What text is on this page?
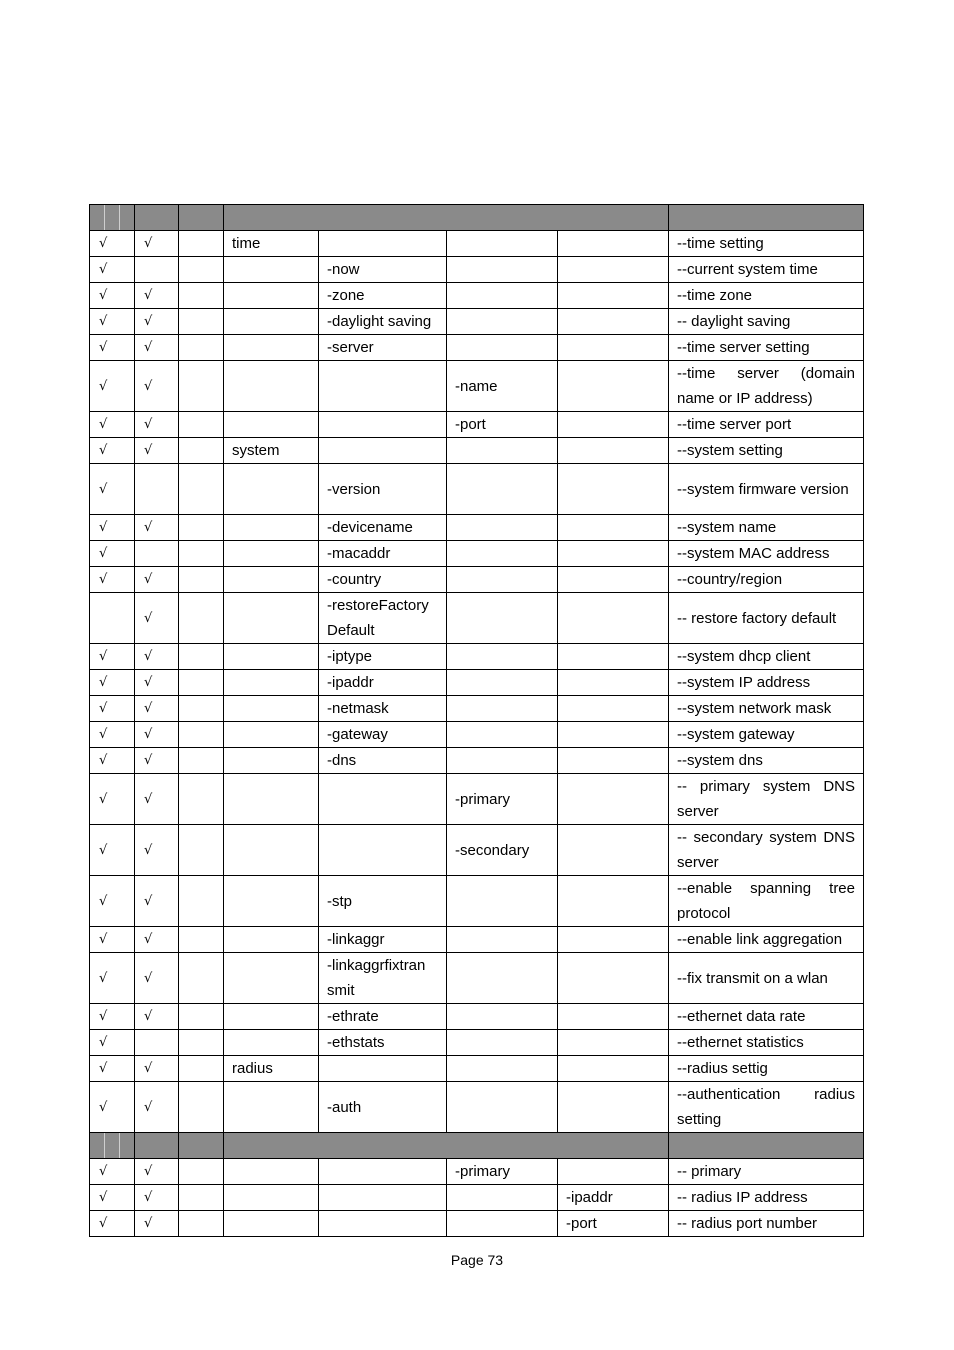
√	√		time				--time setting
√				-now			--current system time
√	√			-zone			--time zone
√	√			-daylight saving			-- daylight saving
√	√			-server			--time server setting
√	√				-name		--time server (domain name or IP address)
√	√				-port		--time server port
√	√		system				--system setting
√				-version			--system firmware version
√	√			-devicename			--system name
√				-macaddr			--system MAC address
√	√			-country			--country/region
	√			-restoreFactory Default			-- restore factory default
√	√			-iptype			--system dhcp client
√	√			-ipaddr			--system IP address
√	√			-netmask			--system network mask
√	√			-gateway			--system gateway
√	√			-dns			--system dns
√	√				-primary		-- primary system DNS server
√	√				-secondary		-- secondary system DNS server
√	√			-stp			--enable spanning tree protocol
√	√			-linkaggr			--enable link aggregation
√	√			-linkaggrfixtran smit			--fix transmit on a wlan
√	√			-ethrate			--ethernet data rate
√				-ethstats			--ethernet statistics
√	√		radius				--radius settig
√	√			-auth			--authentication radius setting

√	√				-primary		-- primary
√	√					-ipaddr	-- radius IP address
√	√					-port	-- radius port number
Page 73
